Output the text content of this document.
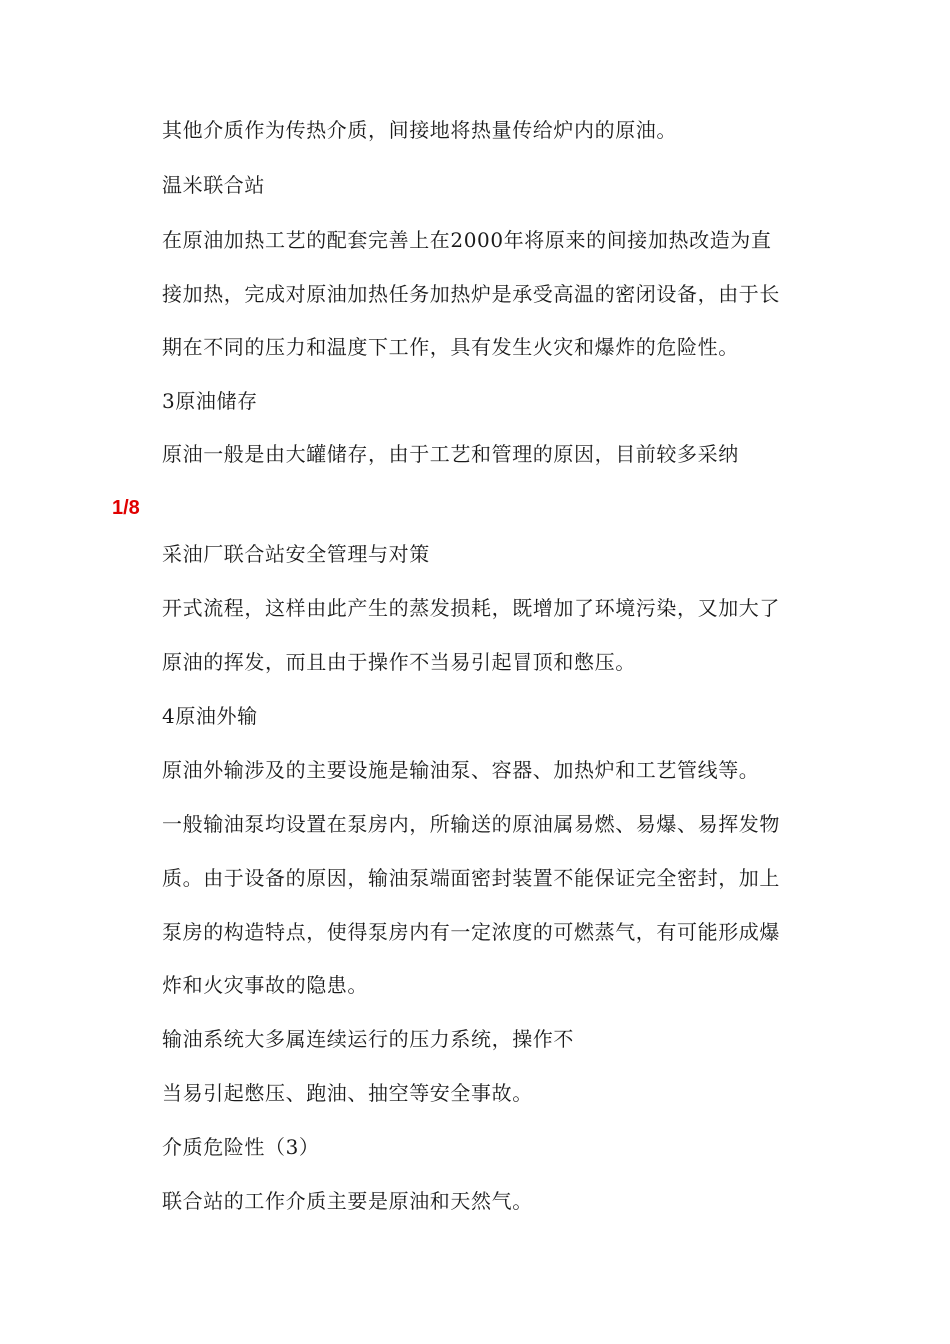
其他介质作为传热介质，间接地将热量传给炉内的原油。
温米联合站
在原油加热工艺的配套完善上在2000年将原来的间接加热改造为直
接加热，完成对原油加热任务加热炉是承受高温的密闭设备，由于长
期在不同的压力和温度下工作，具有发生火灾和爆炸的危险性。
3原油储存
原油一般是由大罐储存，由于工艺和管理的原因，目前较多采纳
1/8
采油厂联合站安全管理与对策
开式流程，这样由此产生的蒸发损耗，既增加了环境污染，又加大了
原油的挥发，而且由于操作不当易引起冒顶和憋压。
4原油外输
原油外输涉及的主要设施是输油泵、容器、加热炉和工艺管线等。
一般输油泵均设置在泵房内，所输送的原油属易燃、易爆、易挥发物
质。由于设备的原因，输油泵端面密封装置不能保证完全密封，加上
泵房的构造特点，使得泵房内有一定浓度的可燃蒸气，有可能形成爆
炸和火灾事故的隐患。
输油系统大多属连续运行的压力系统，操作不
当易引起憋压、跑油、抽空等安全事故。
介质危险性（3）
联合站的工作介质主要是原油和天然气。
